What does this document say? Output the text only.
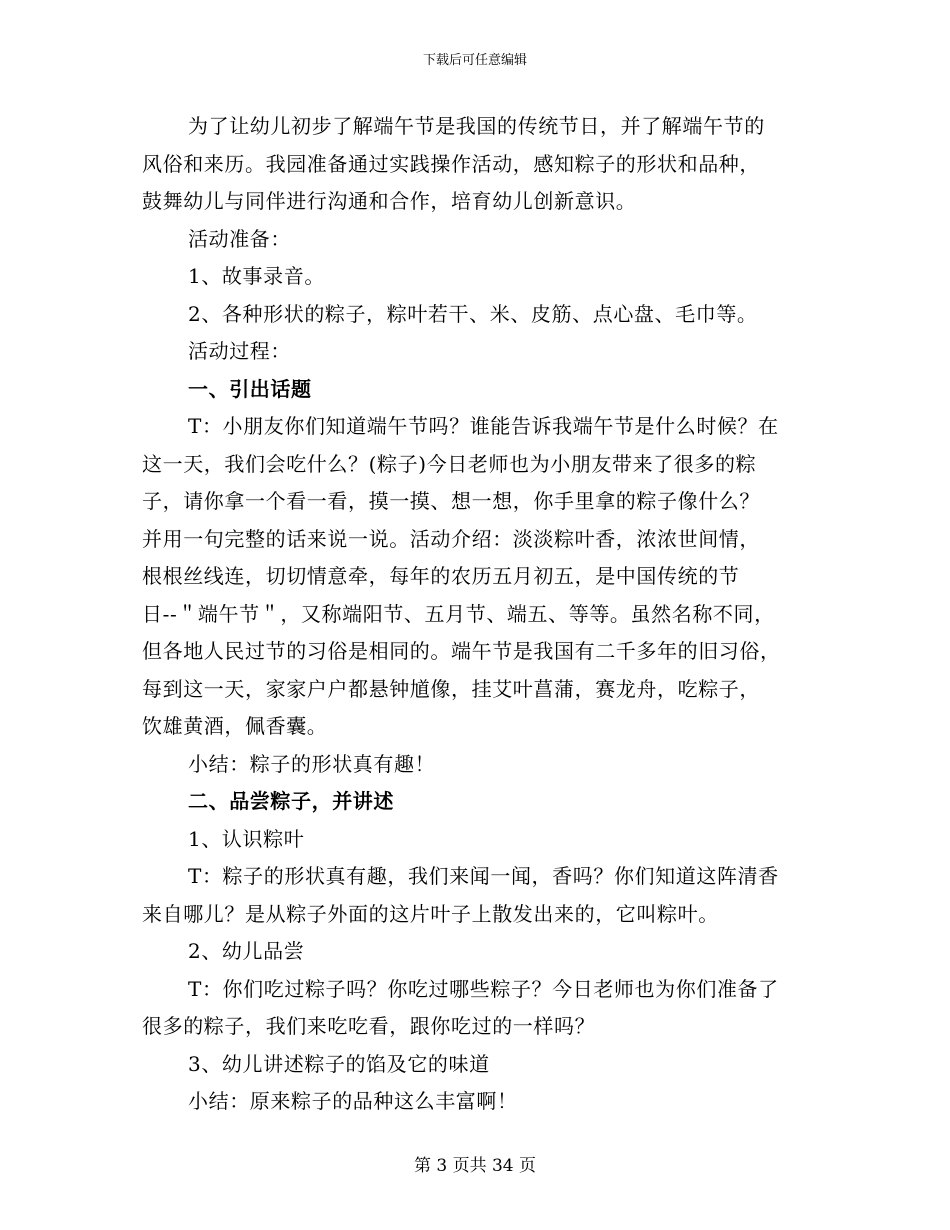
下载后可任意编辑
为了让幼儿初步了解端午节是我国的传统节日，并了解端午节的
风俗和来历。我园准备通过实践操作活动，感知粽子的形状和品种，
鼓舞幼儿与同伴进行沟通和合作，培育幼儿创新意识。
活动准备：
1、故事录音。
2、各种形状的粽子，粽叶若干、米、皮筋、点心盘、毛巾等。
活动过程：
一、引出话题
T：小朋友你们知道端午节吗？谁能告诉我端午节是什么时候？在
这一天，我们会吃什么？(粽子)今日老师也为小朋友带来了很多的粽
子，请你拿一个看一看，摸一摸、想一想，你手里拿的粽子像什么？
并用一句完整的话来说一说。活动介绍：淡淡粽叶香，浓浓世间情，
根根丝线连，切切情意牵，每年的农历五月初五，是中国传统的节
日--＂端午节＂，又称端阳节、五月节、端五、等等。虽然名称不同，
但各地人民过节的习俗是相同的。端午节是我国有二千多年的旧习俗，
每到这一天，家家户户都悬钟馗像，挂艾叶菖蒲，赛龙舟，吃粽子，
饮雄黄酒，佩香囊。
小结：粽子的形状真有趣！
二、品尝粽子，并讲述
1、认识粽叶
T：粽子的形状真有趣，我们来闻一闻，香吗？你们知道这阵清香
来自哪儿？是从粽子外面的这片叶子上散发出来的，它叫粽叶。
2、幼儿品尝
T：你们吃过粽子吗？你吃过哪些粽子？今日老师也为你们准备了
很多的粽子，我们来吃吃看，跟你吃过的一样吗？
3、幼儿讲述粽子的馅及它的味道
小结：原来粽子的品种这么丰富啊！
第 3 页共 34 页
